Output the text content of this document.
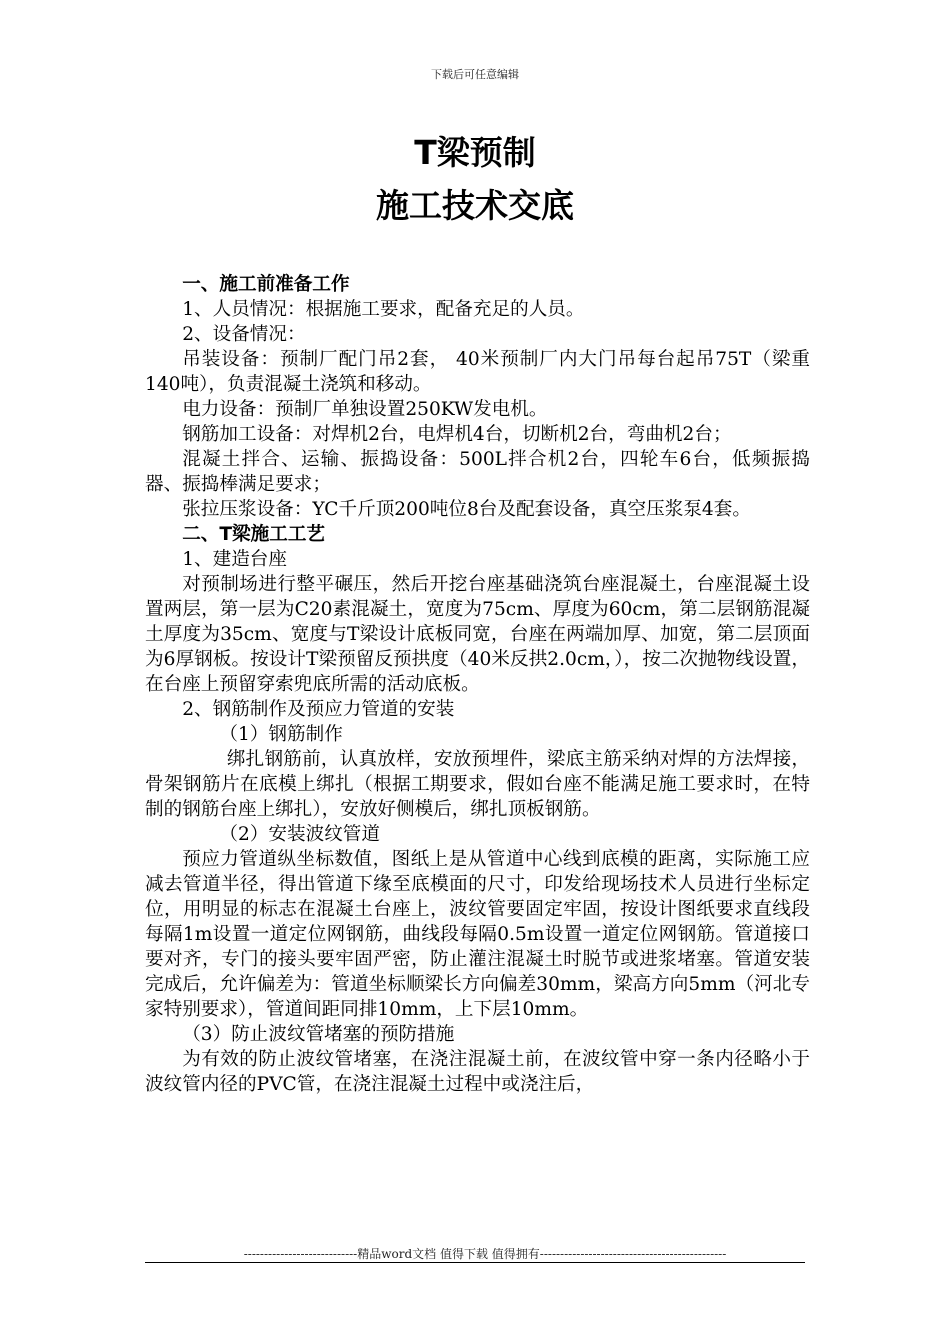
下载后可任意编辑
T梁预制
施工技术交底

一、施工前准备工作

1、人员情况：根据施工要求，配备充足的人员。

2、设备情况：

吊装设备：预制厂配门吊2套， 40米预制厂内大门吊每台起吊75T（梁重140吨），负责混凝土浇筑和移动。

电力设备：预制厂单独设置250KW发电机。

钢筋加工设备：对焊机2台，电焊机4台，切断机2台，弯曲机2台；

混凝土拌合、运输、振捣设备：500L拌合机2台，四轮车6台，低频振捣器、振捣棒满足要求；

张拉压浆设备：YC千斤顶200吨位8台及配套设备，真空压浆泵4套。

二、T梁施工工艺

1、建造台座

对预制场进行整平碾压，然后开挖台座基础浇筑台座混凝土，台座混凝土设置两层，第一层为C20素混凝土，宽度为75cm、厚度为60cm，第二层钢筋混凝土厚度为35cm、宽度与T梁设计底板同宽，台座在两端加厚、加宽，第二层顶面为6厚钢板。按设计T梁预留反预拱度（40米反拱2.0cm，），按二次抛物线设置，在台座上预留穿索兜底所需的活动底板。

2、钢筋制作及预应力管道的安装

（1）钢筋制作

绑扎钢筋前，认真放样，安放预埋件，梁底主筋采纳对焊的方法焊接，骨架钢筋片在底模上绑扎（根据工期要求，假如台座不能满足施工要求时，在特制的钢筋台座上绑扎），安放好侧模后，绑扎顶板钢筋。

（2）安装波纹管道

预应力管道纵坐标数值，图纸上是从管道中心线到底模的距离，实际施工应减去管道半径，得出管道下缘至底模面的尺寸，印发给现场技术人员进行坐标定位，用明显的标志在混凝土台座上，波纹管要固定牢固，按设计图纸要求直线段每隔1m设置一道定位网钢筋，曲线段每隔0.5m设置一道定位网钢筋。管道接口要对齐，专门的接头要牢固严密，防止灌注混凝土时脱节或进浆堵塞。管道安装完成后，允许偏差为：管道坐标顺梁长方向偏差30mm，梁高方向5mm（河北专家特别要求），管道间距同排10mm，上下层10mm。

（3）防止波纹管堵塞的预防措施

为有效的防止波纹管堵塞，在浇注混凝土前，在波纹管中穿一条内径略小于波纹管内径的PVC管，在浇注混凝土过程中或浇注后，

----------------------------精品word文档 值得下载 值得拥有----------------------------------------------
